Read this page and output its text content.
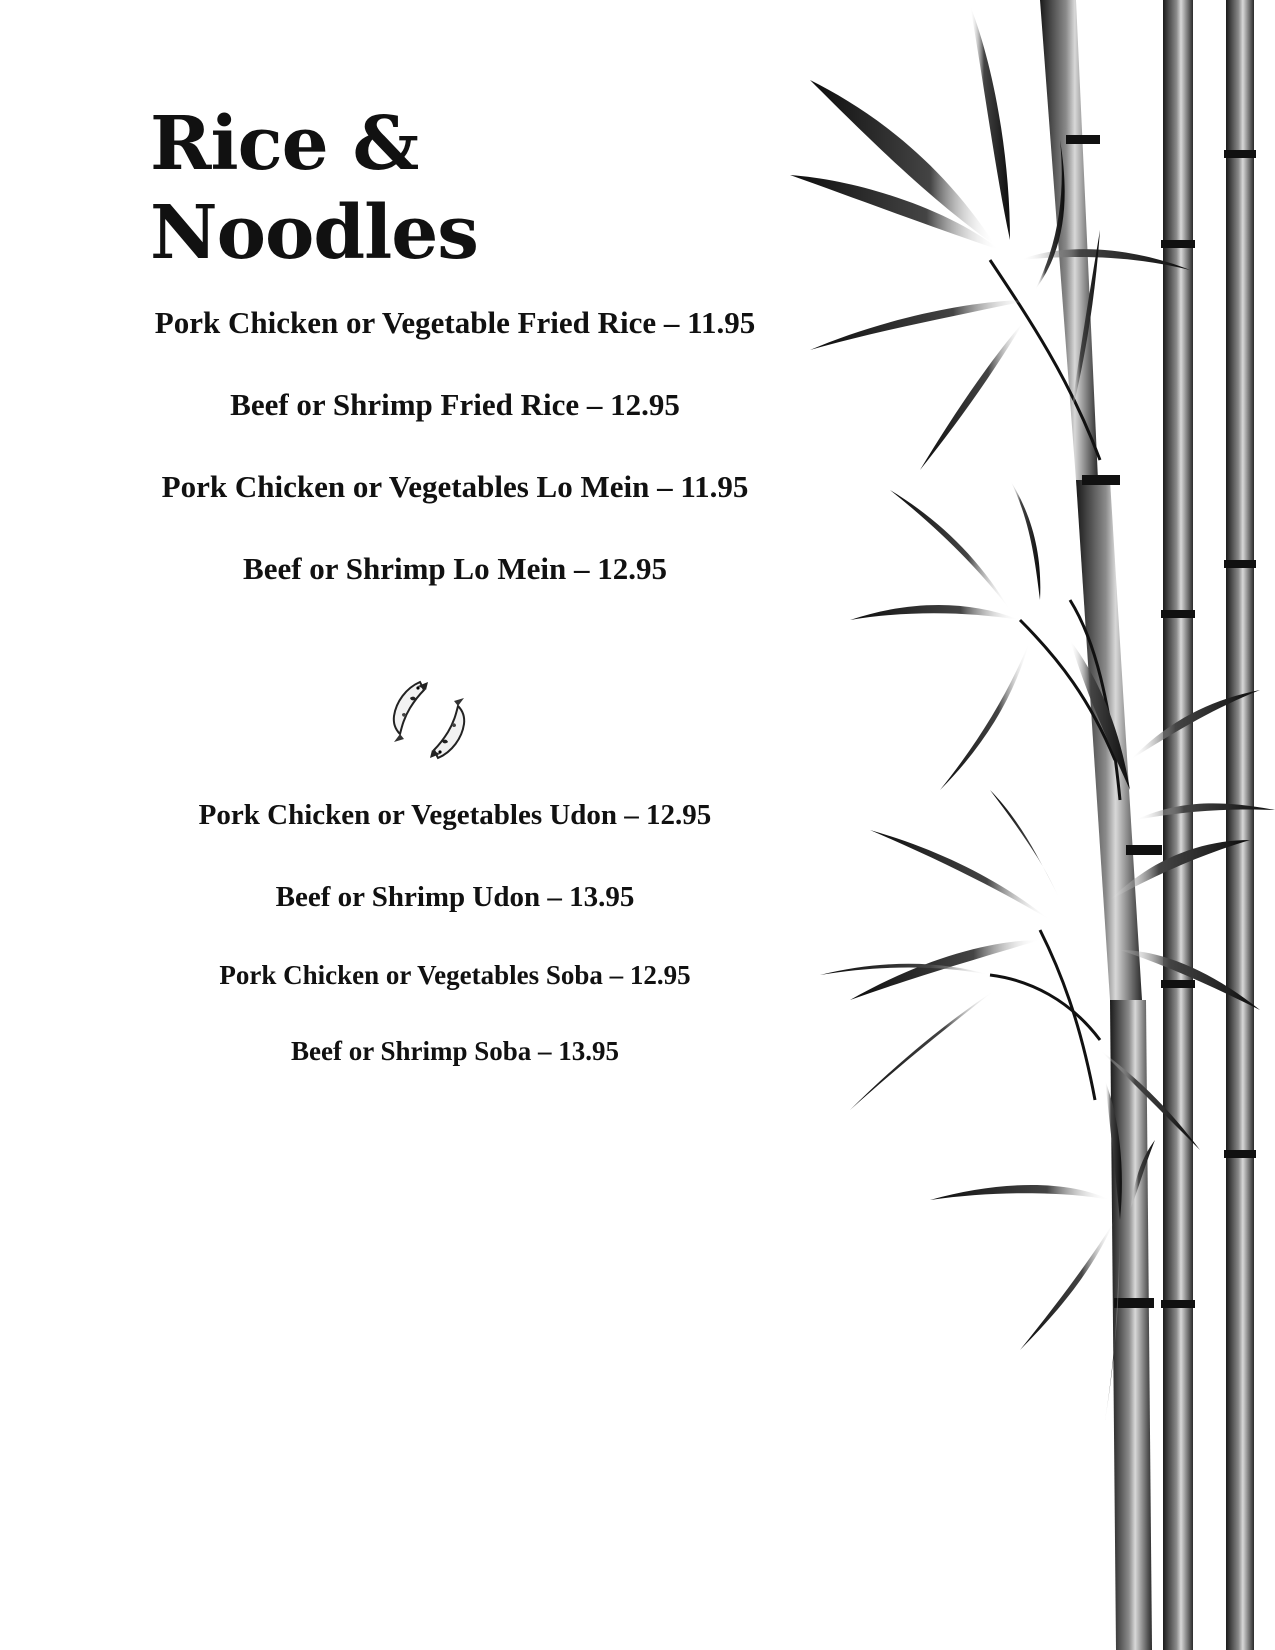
Rice & Noodles
Pork Chicken or Vegetable Fried Rice – 11.95
Beef or Shrimp Fried Rice – 12.95
Pork Chicken or Vegetables Lo Mein – 11.95
Beef or Shrimp Lo Mein – 12.95
Pork Chicken or Vegetables Udon – 12.95
Beef or Shrimp Udon – 13.95
Pork Chicken or Vegetables Soba – 12.95
Beef or Shrimp Soba – 13.95
